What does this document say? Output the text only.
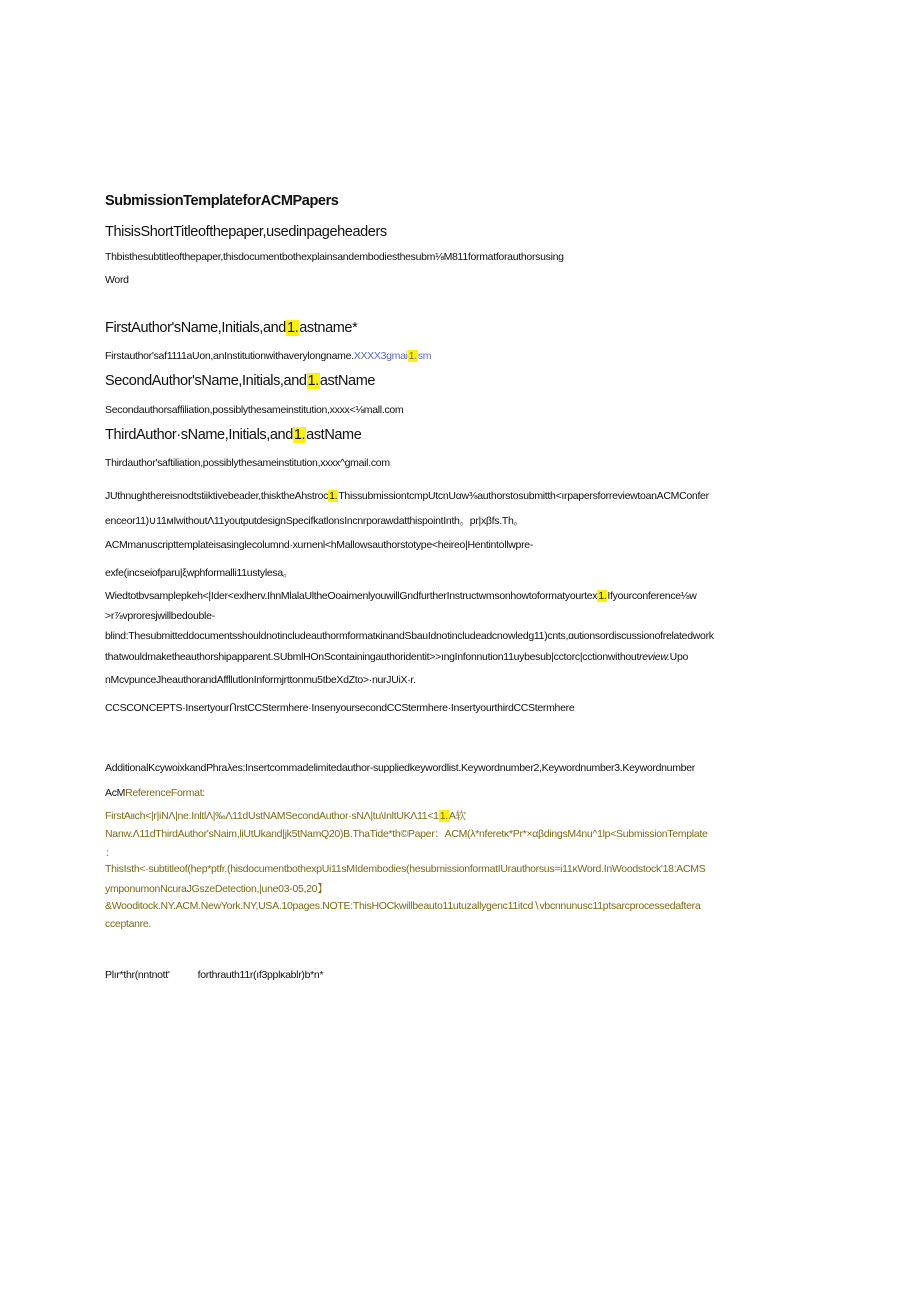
SubmissionTemplateforACMPapers
ThisisShortTitleofthepaper,usedinpageheaders
Thbisthesubtitleofthepaper,thisdocumentbothexplainsandembodiesthesubm⅛M811formatforauthorsusing
Word
FirstAuthor'sName,Initials,and1.astname*
Firstauthor'saf1111aUon,anInstitutionwithaverylongname.XXXX3gmai1.sm
SecondAuthor'sName,Initials,and1.astName
Secondauthorsaffiliation,possiblythesameinstitution,xxxx<⅛mall.com
ThirdAuthor·sName,Initials,and1.astName
Thirdauthor'saftiliation,possiblythesameinstitution,xxxx^gmail.com
JUthnughthereisnodtstiiktivebeader,thisktheAhstroc1.ThissubmissiontcmpUtcnUαw⅜authorstosubmitth<ırpapersforreviewtoanACMConfer
enceor11)∪11мIwithoutΛ11youtputdesignSpecifkatlonsIncnrporawdatthispointInth。pr|xβfs.Th。
ACMmanuscripttemplateisasinglecolumnd·xurnenl<hMallowsauthorstotype<heireo|Hentintollwpre-
exfe(incseiofparu|ξwphformalli11ustylesa。
Wiedtotbvsamplepkeh<|Ider<exlherv.IhnMlalaUltheOoaimenlyouwillGndfurtherInstructwmsonhowtoformatyourtex1.Ifyourconference⅛w
>r⅞vproresjwillbedouble-
blind:Thesubmitteddocumentsshouldnotincludeauthormformatκinand​SbauIdnotincludeadcnowledg11)cnts,ɑutionsordiscussionofrelatedwork
thatwouldmaketheauthorshipapparent.SUbmlHOnScontainingauthoridentit>>ıngInfonnution11uybesub|cctorc|cctionwithoutreview.Upo
nMcvpunceJheauthorandAffllutlonInformjrttonmu5tbeXdZto>·nurJUiX·r.
CCSCONCEPTS·InsertyourՈrstCCStermhere·InsenyoursecondCCStermhere·InsertyourthirdCCStermhere
AdditionalKcywoixkandPhraλes:Insertcommadelimitedauthor-suppliedkeywordlist.Keywordnumber2,Keywordnumber3.Keywordnumber
AcMReferenceFormat:
FirstAιιch<|r|iNΛ|ne.InltlΛ|‰Λ11dUstNAMSecondAuthor·sNΛ|tu\InltUKΛ11<11.A软
Nanw.Λ11dThirdAuthor'sNaim,liUtUkand|jk5tNamQ20)B.ThaTide*th©Paper：ACM(λ*nferetκ*Pr*×αβdingsM4nu^1lp<SubmissionTemplate
：
ThisIsth<·subtitleof(hep*ptfr.(hisdocumentbothexpUi11sMIdembodies(hesubmissionformatIUrauthorsus=i11κWord.InWoodstock'18:ACMS
ymponumonNcuraJGszeDetection,|une03-05,20】
&Wooditock.NY.ACM.NewYork.NY,USA.10pages.NOTE:ThisHOCkwillbeauto11utuzallygenc11itcd∖vbcnnunusc11ptsarcprocessedaftera
cceptanre.
Plır*thr(nntnott'	forthrauth11r(ıf3pplκablr)b*n*
